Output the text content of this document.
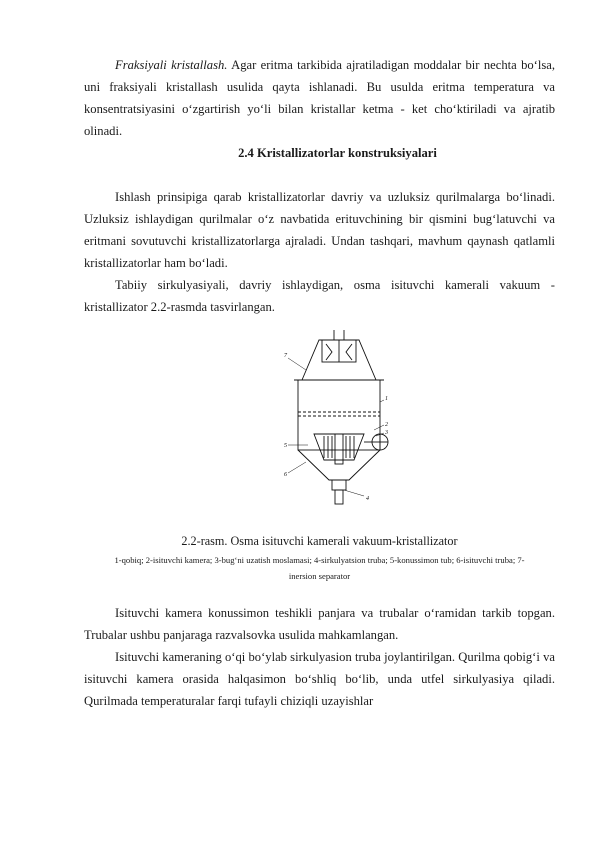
Fraksiyali kristallash. Agar eritma tarkibida ajratiladigan moddalar bir nechta bo‘lsa, uni fraksiyali kristallash usulida qayta ishlanadi. Bu usulda eritma temperatura va konsentratsiyasini o‘zgartirish yo‘li bilan kristallar ketma - ket cho‘ktiriladi va ajratib olinadi.

2.4 Kristallizatorlar konstruksiyalari

Ishlash prinsipiga qarab kristallizatorlar davriy va uzluksiz qurilmalarga bo‘linadi. Uzluksiz ishlaydigan qurilmalar o‘z navbatida erituvchining bir qismini bug‘latuvchi va eritmani sovutuvchi kristallizatorlarga ajraladi. Undan tashqari, mavhum qaynash qatlamli kristallizatorlar ham bo‘ladi.

Tabiiy sirkulyasiyali, davriy ishlaydigan, osma isituvchi kamerali vakuum - kristallizator 2.2-rasmda tasvirlangan.

7
1
2
3
5
6
4

2.2-rasm. Osma isituvchi kamerali vakuum-kristallizator

1-qobiq; 2-isituvchi kamera; 3-bug‘ni uzatish moslamasi; 4-sirkulyatsion truba; 5-konussimon tub; 6-isituvchi truba; 7-inersion separator

Isituvchi kamera konussimon teshikli panjara va trubalar o‘ramidan tarkib topgan. Trubalar ushbu panjaraga razvalsovka usulida mahkamlangan.

Isituvchi kameraning o‘qi bo‘ylab sirkulyasion truba joylantirilgan. Qurilma qobig‘i va isituvchi kamera orasida halqasimon bo‘shliq bo‘lib, unda utfel sirkulyasiya qiladi. Qurilmada temperaturalar farqi tufayli chiziqli uzayishlar
